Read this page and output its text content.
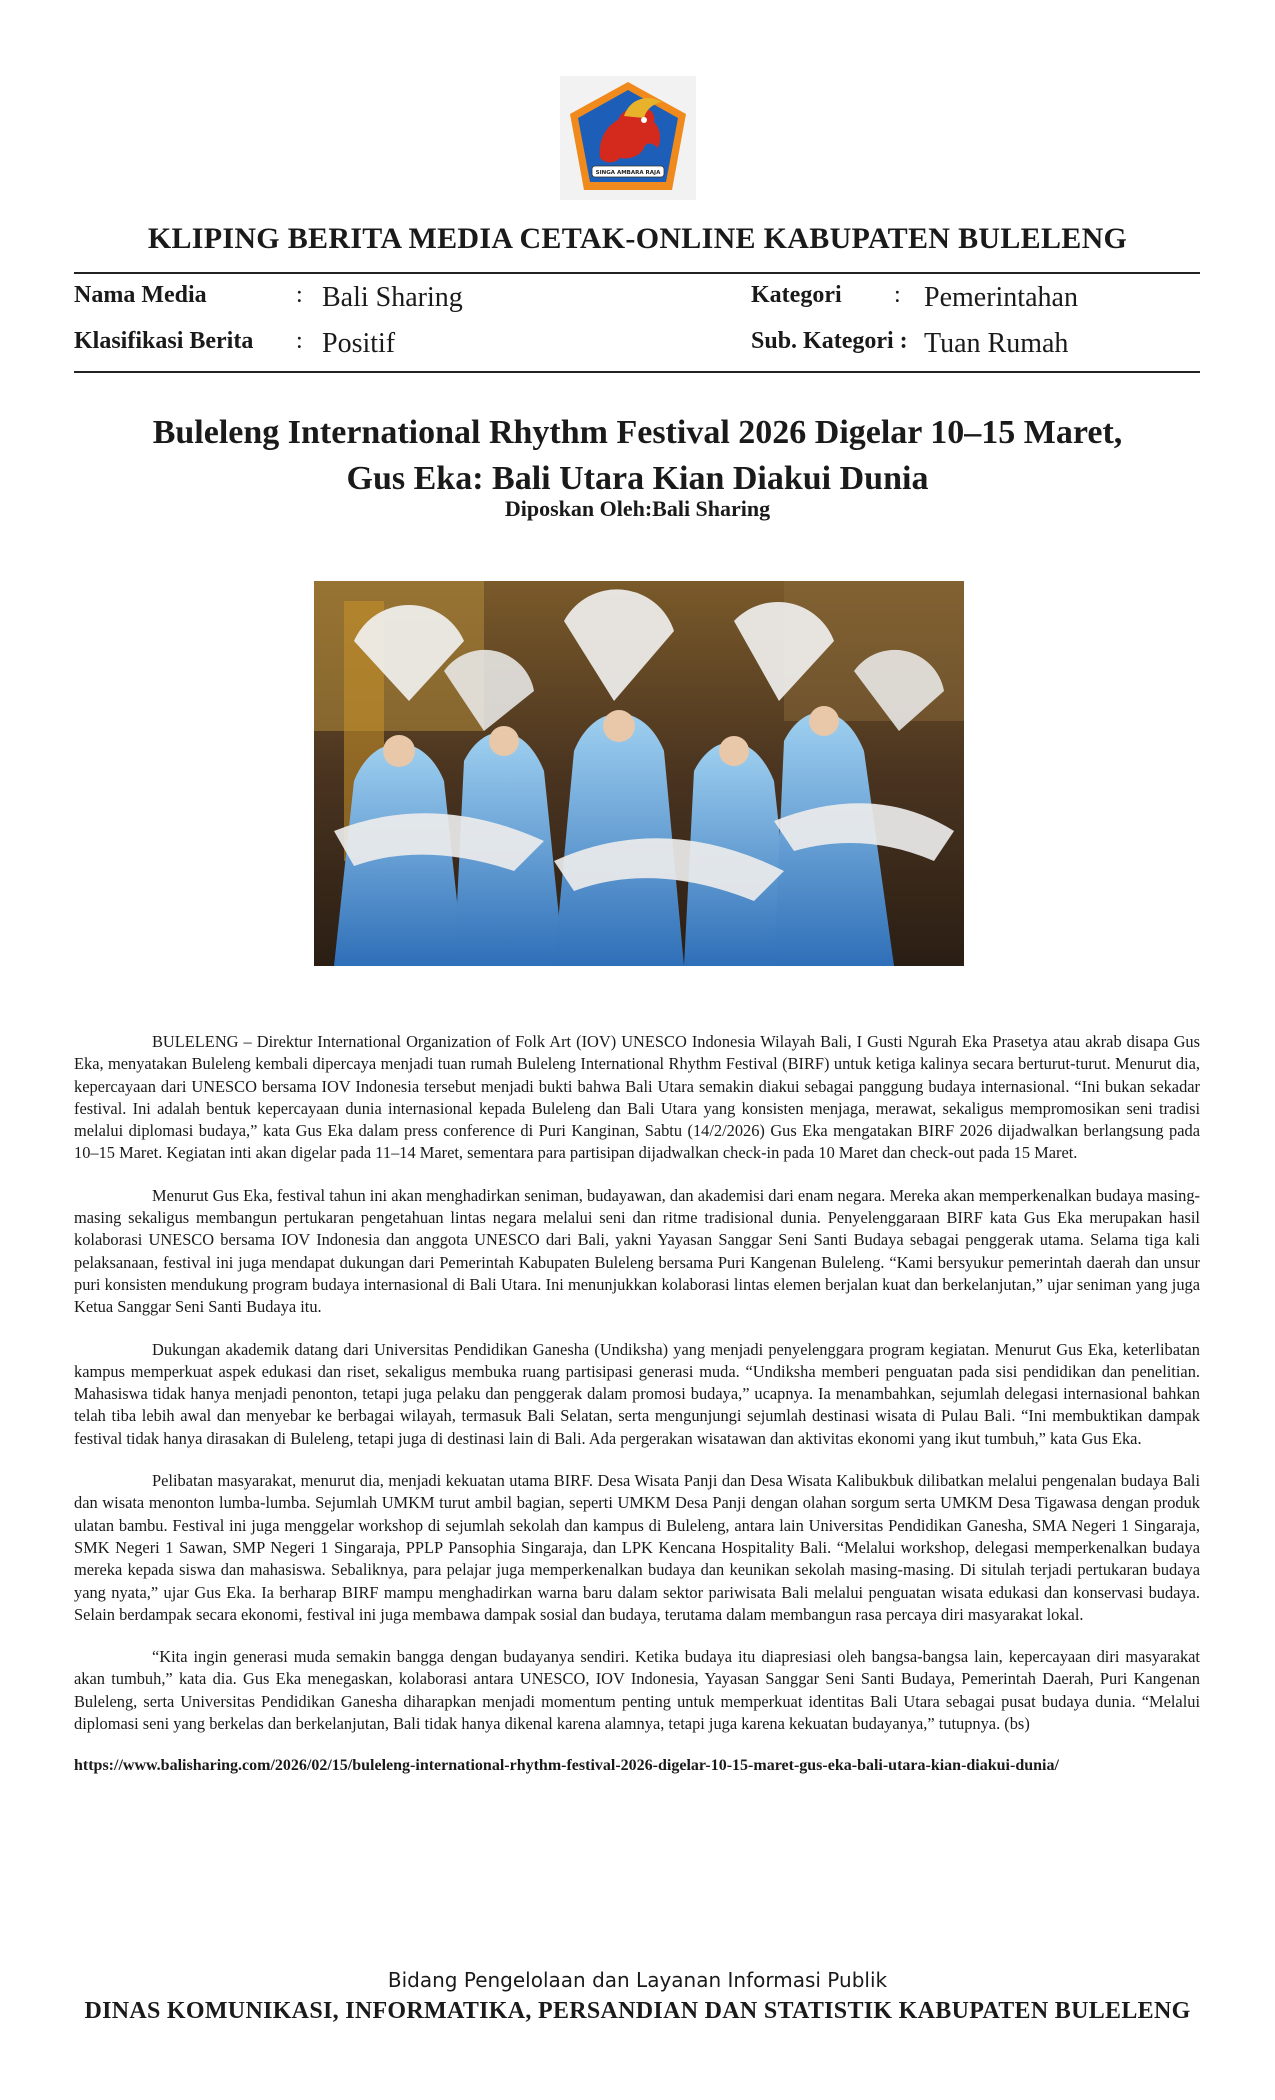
SINGA AMBARA RAJA
KLIPING BERITA MEDIA CETAK-ONLINE KABUPATEN BULELENG
Nama Media	: Bali Sharing	Kategori : Pemerintahan
Klasifikasi Berita : Positif	Sub. Kategori : Tuan Rumah
Buleleng International Rhythm Festival 2026 Digelar 10–15 Maret,
Gus Eka: Bali Utara Kian Diakui Dunia
Diposkan Oleh:Bali Sharing

BULELENG – Direktur International Organization of Folk Art (IOV) UNESCO Indonesia Wilayah Bali, I Gusti Ngurah Eka Prasetya atau akrab disapa Gus Eka, menyatakan Buleleng kembali dipercaya menjadi tuan rumah Buleleng International Rhythm Festival (BIRF) untuk ketiga kalinya secara berturut-turut. Menurut dia, kepercayaan dari UNESCO bersama IOV Indonesia tersebut menjadi bukti bahwa Bali Utara semakin diakui sebagai panggung budaya internasional. “Ini bukan sekadar festival. Ini adalah bentuk kepercayaan dunia internasional kepada Buleleng dan Bali Utara yang konsisten menjaga, merawat, sekaligus mempromosikan seni tradisi melalui diplomasi budaya,” kata Gus Eka dalam press conference di Puri Kanginan, Sabtu (14/2/2026) Gus Eka mengatakan BIRF 2026 dijadwalkan berlangsung pada 10–15 Maret. Kegiatan inti akan digelar pada 11–14 Maret, sementara para partisipan dijadwalkan check-in pada 10 Maret dan check-out pada 15 Maret.

Menurut Gus Eka, festival tahun ini akan menghadirkan seniman, budayawan, dan akademisi dari enam negara. Mereka akan memperkenalkan budaya masing-masing sekaligus membangun pertukaran pengetahuan lintas negara melalui seni dan ritme tradisional dunia. Penyelenggaraan BIRF kata Gus Eka merupakan hasil kolaborasi UNESCO bersama IOV Indonesia dan anggota UNESCO dari Bali, yakni Yayasan Sanggar Seni Santi Budaya sebagai penggerak utama. Selama tiga kali pelaksanaan, festival ini juga mendapat dukungan dari Pemerintah Kabupaten Buleleng bersama Puri Kangenan Buleleng. “Kami bersyukur pemerintah daerah dan unsur puri konsisten mendukung program budaya internasional di Bali Utara. Ini menunjukkan kolaborasi lintas elemen berjalan kuat dan berkelanjutan,” ujar seniman yang juga Ketua Sanggar Seni Santi Budaya itu.

Dukungan akademik datang dari Universitas Pendidikan Ganesha (Undiksha) yang menjadi penyelenggara program kegiatan. Menurut Gus Eka, keterlibatan kampus memperkuat aspek edukasi dan riset, sekaligus membuka ruang partisipasi generasi muda. “Undiksha memberi penguatan pada sisi pendidikan dan penelitian. Mahasiswa tidak hanya menjadi penonton, tetapi juga pelaku dan penggerak dalam promosi budaya,” ucapnya. Ia menambahkan, sejumlah delegasi internasional bahkan telah tiba lebih awal dan menyebar ke berbagai wilayah, termasuk Bali Selatan, serta mengunjungi sejumlah destinasi wisata di Pulau Bali. “Ini membuktikan dampak festival tidak hanya dirasakan di Buleleng, tetapi juga di destinasi lain di Bali. Ada pergerakan wisatawan dan aktivitas ekonomi yang ikut tumbuh,” kata Gus Eka.

Pelibatan masyarakat, menurut dia, menjadi kekuatan utama BIRF. Desa Wisata Panji dan Desa Wisata Kalibukbuk dilibatkan melalui pengenalan budaya Bali dan wisata menonton lumba-lumba. Sejumlah UMKM turut ambil bagian, seperti UMKM Desa Panji dengan olahan sorgum serta UMKM Desa Tigawasa dengan produk ulatan bambu. Festival ini juga menggelar workshop di sejumlah sekolah dan kampus di Buleleng, antara lain Universitas Pendidikan Ganesha, SMA Negeri 1 Singaraja, SMK Negeri 1 Sawan, SMP Negeri 1 Singaraja, PPLP Pansophia Singaraja, dan LPK Kencana Hospitality Bali. “Melalui workshop, delegasi memperkenalkan budaya mereka kepada siswa dan mahasiswa. Sebaliknya, para pelajar juga memperkenalkan budaya dan keunikan sekolah masing-masing. Di situlah terjadi pertukaran budaya yang nyata,” ujar Gus Eka. Ia berharap BIRF mampu menghadirkan warna baru dalam sektor pariwisata Bali melalui penguatan wisata edukasi dan konservasi budaya. Selain berdampak secara ekonomi, festival ini juga membawa dampak sosial dan budaya, terutama dalam membangun rasa percaya diri masyarakat lokal.

“Kita ingin generasi muda semakin bangga dengan budayanya sendiri. Ketika budaya itu diapresiasi oleh bangsa-bangsa lain, kepercayaan diri masyarakat akan tumbuh,” kata dia. Gus Eka menegaskan, kolaborasi antara UNESCO, IOV Indonesia, Yayasan Sanggar Seni Santi Budaya, Pemerintah Daerah, Puri Kangenan Buleleng, serta Universitas Pendidikan Ganesha diharapkan menjadi momentum penting untuk memperkuat identitas Bali Utara sebagai pusat budaya dunia. “Melalui diplomasi seni yang berkelas dan berkelanjutan, Bali tidak hanya dikenal karena alamnya, tetapi juga karena kekuatan budayanya,” tutupnya. (bs)

https://www.balisharing.com/2026/02/15/buleleng-international-rhythm-festival-2026-digelar-10-15-maret-gus-eka-bali-utara-kian-diakui-dunia/
Bidang Pengelolaan dan Layanan Informasi Publik
DINAS KOMUNIKASI, INFORMATIKA, PERSANDIAN DAN STATISTIK KABUPATEN BULELENG
